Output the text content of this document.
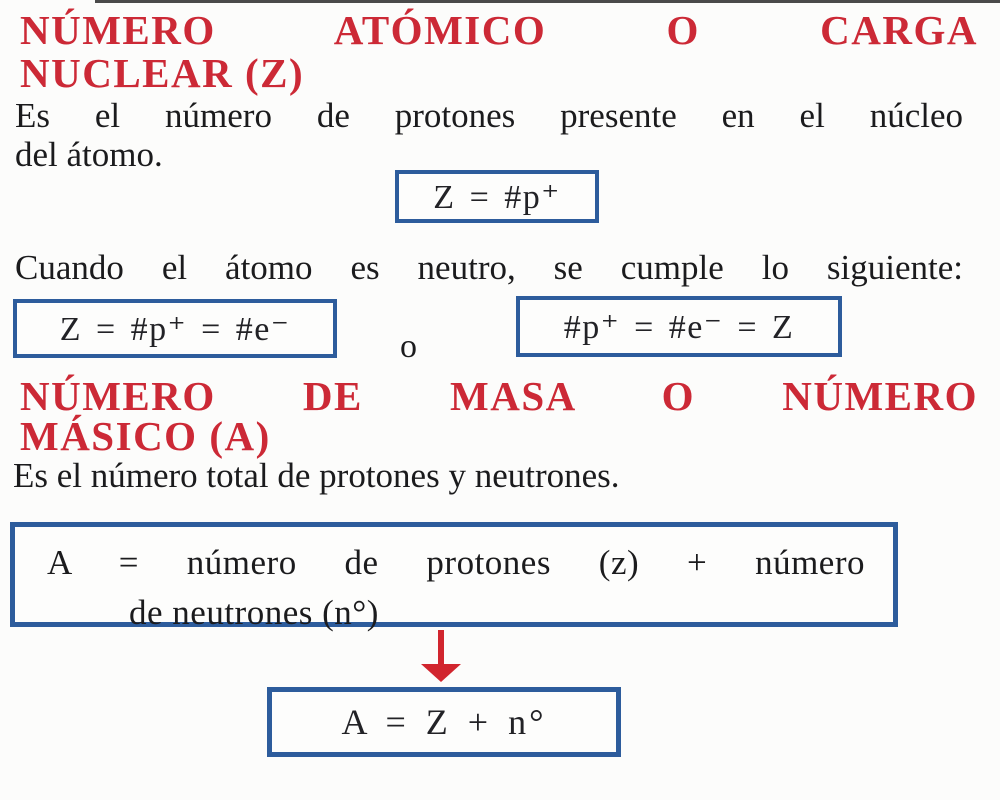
NÚMERO ATÓMICO O CARGA
NUCLEAR (Z)
Es el número de protones presente en el núcleo
del átomo.
Z = #p⁺
Cuando el átomo es neutro, se cumple lo siguiente:
Z = #p⁺ = #e⁻	o
#p⁺ = #e⁻ = Z
NÚMERO DE MASA O NÚMERO
MÁSICO (A)
Es el número total de protones y neutrones.
A = número de protones (z) + número
de neutrones (n°)
A = Z + n°
